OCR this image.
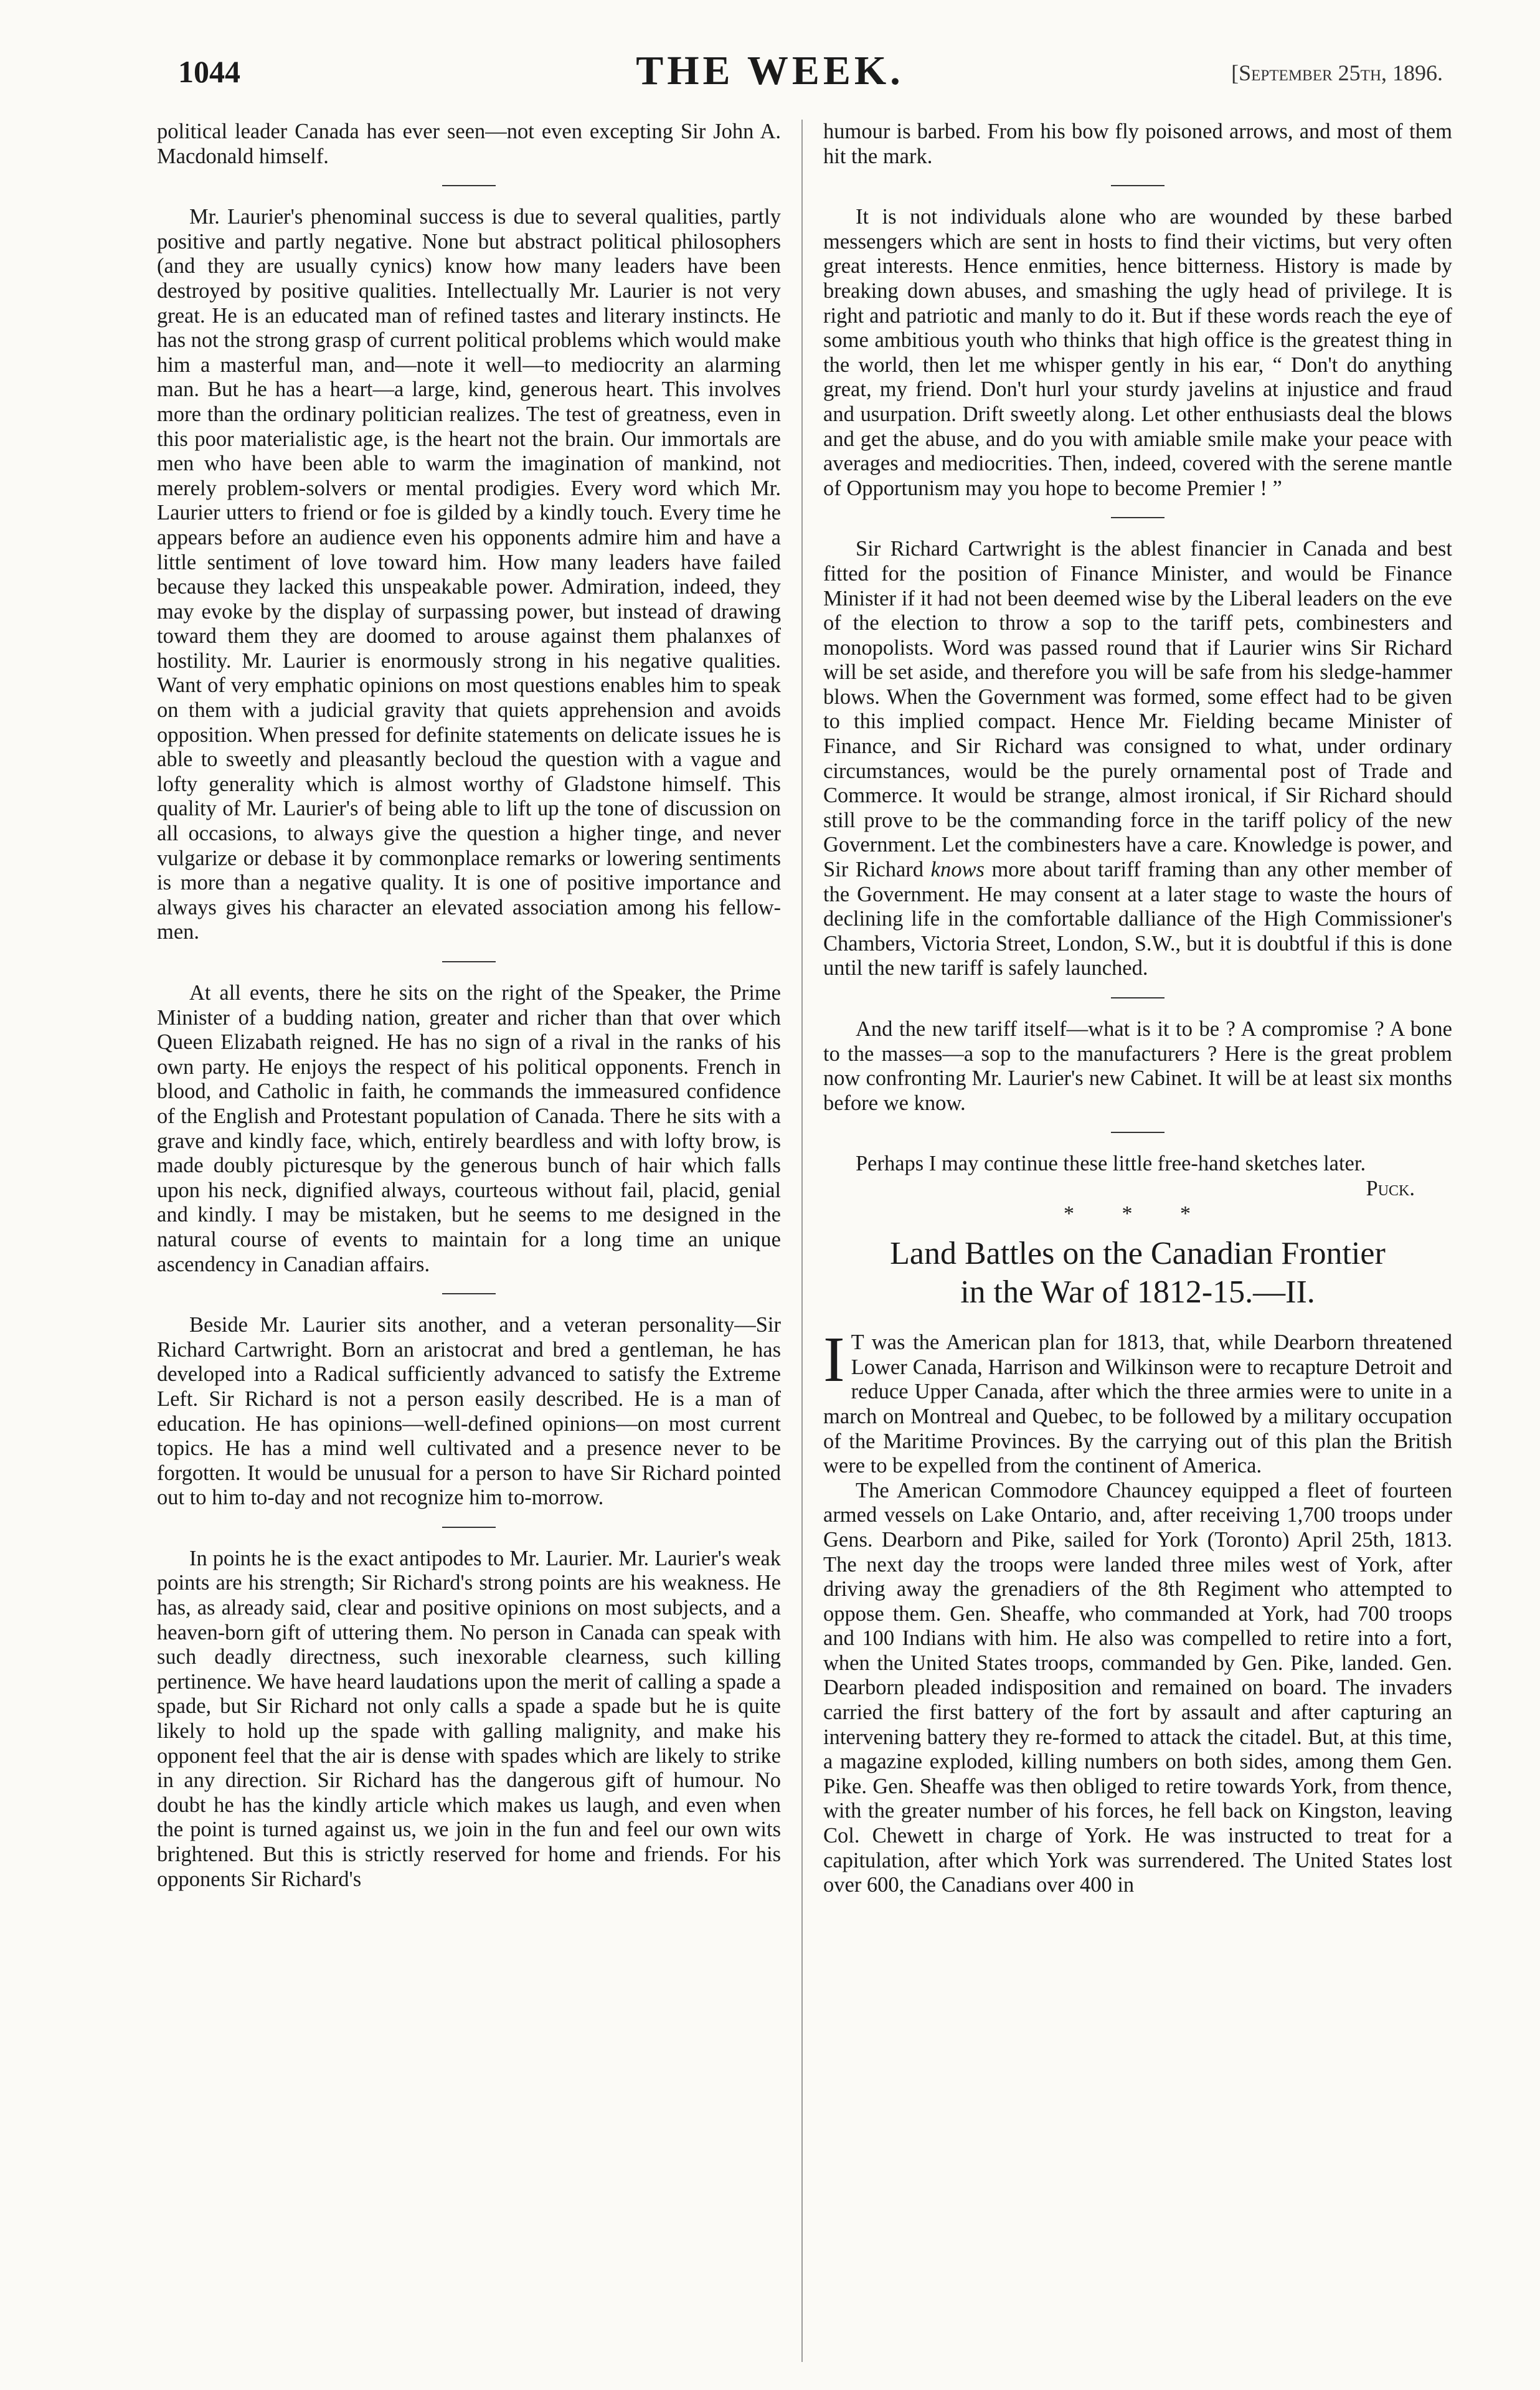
1044	THE WEEK.	[September 25th, 1896.

political leader Canada has ever seen—not even excepting Sir John A. Macdonald himself.

Mr. Laurier's phenominal success is due to several qualities, partly positive and partly negative. None but abstract political philosophers (and they are usually cynics) know how many leaders have been destroyed by positive qualities. Intellectually Mr. Laurier is not very great. He is an educated man of refined tastes and literary instincts. He has not the strong grasp of current political problems which would make him a masterful man, and—note it well—to mediocrity an alarming man. But he has a heart—a large, kind, generous heart. This involves more than the ordinary politician realizes. The test of greatness, even in this poor materialistic age, is the heart not the brain. Our immortals are men who have been able to warm the imagination of mankind, not merely problem-solvers or mental prodigies. Every word which Mr. Laurier utters to friend or foe is gilded by a kindly touch. Every time he appears before an audience even his opponents admire him and have a little sentiment of love toward him. How many leaders have failed because they lacked this unspeakable power. Admiration, indeed, they may evoke by the display of surpassing power, but instead of drawing toward them they are doomed to arouse against them phalanxes of hostility. Mr. Laurier is enormously strong in his negative qualities. Want of very emphatic opinions on most questions enables him to speak on them with a judicial gravity that quiets apprehension and avoids opposition. When pressed for definite statements on delicate issues he is able to sweetly and pleasantly becloud the question with a vague and lofty generality which is almost worthy of Gladstone himself. This quality of Mr. Laurier's of being able to lift up the tone of discussion on all occasions, to always give the question a higher tinge, and never vulgarize or debase it by commonplace remarks or lowering sentiments is more than a negative quality. It is one of positive importance and always gives his character an elevated association among his fellow-men.

At all events, there he sits on the right of the Speaker, the Prime Minister of a budding nation, greater and richer than that over which Queen Elizabath reigned. He has no sign of a rival in the ranks of his own party. He enjoys the respect of his political opponents. French in blood, and Catholic in faith, he commands the immeasured confidence of the English and Protestant population of Canada. There he sits with a grave and kindly face, which, entirely beardless and with lofty brow, is made doubly picturesque by the generous bunch of hair which falls upon his neck, dignified always, courteous without fail, placid, genial and kindly. I may be mistaken, but he seems to me designed in the natural course of events to maintain for a long time an unique ascendency in Canadian affairs.

Beside Mr. Laurier sits another, and a veteran personality—Sir Richard Cartwright. Born an aristocrat and bred a gentleman, he has developed into a Radical sufficiently advanced to satisfy the Extreme Left. Sir Richard is not a person easily described. He is a man of education. He has opinions—well-defined opinions—on most current topics. He has a mind well cultivated and a presence never to be forgotten. It would be unusual for a person to have Sir Richard pointed out to him to-day and not recognize him to-morrow.

In points he is the exact antipodes to Mr. Laurier. Mr. Laurier's weak points are his strength; Sir Richard's strong points are his weakness. He has, as already said, clear and positive opinions on most subjects, and a heaven-born gift of uttering them. No person in Canada can speak with such deadly directness, such inexorable clearness, such killing pertinence. We have heard laudations upon the merit of calling a spade a spade, but Sir Richard not only calls a spade a spade but he is quite likely to hold up the spade with galling malignity, and make his opponent feel that the air is dense with spades which are likely to strike in any direction. Sir Richard has the dangerous gift of humour. No doubt he has the kindly article which makes us laugh, and even when the point is turned against us, we join in the fun and feel our own wits brightened. But this is strictly reserved for home and friends. For his opponents Sir Richard's

humour is barbed. From his bow fly poisoned arrows, and most of them hit the mark.

It is not individuals alone who are wounded by these barbed messengers which are sent in hosts to find their victims, but very often great interests. Hence enmities, hence bitterness. History is made by breaking down abuses, and smashing the ugly head of privilege. It is right and patriotic and manly to do it. But if these words reach the eye of some ambitious youth who thinks that high office is the greatest thing in the world, then let me whisper gently in his ear, “ Don't do anything great, my friend. Don't hurl your sturdy javelins at injustice and fraud and usurpation. Drift sweetly along. Let other enthusiasts deal the blows and get the abuse, and do you with amiable smile make your peace with averages and mediocrities. Then, indeed, covered with the serene mantle of Opportunism may you hope to become Premier ! ”

Sir Richard Cartwright is the ablest financier in Canada and best fitted for the position of Finance Minister, and would be Finance Minister if it had not been deemed wise by the Liberal leaders on the eve of the election to throw a sop to the tariff pets, combinesters and monopolists. Word was passed round that if Laurier wins Sir Richard will be set aside, and therefore you will be safe from his sledge-hammer blows. When the Government was formed, some effect had to be given to this implied compact. Hence Mr. Fielding became Minister of Finance, and Sir Richard was consigned to what, under ordinary circumstances, would be the purely ornamental post of Trade and Commerce. It would be strange, almost ironical, if Sir Richard should still prove to be the commanding force in the tariff policy of the new Government. Let the combinesters have a care. Knowledge is power, and Sir Richard knows more about tariff framing than any other member of the Government. He may consent at a later stage to waste the hours of declining life in the comfortable dalliance of the High Commissioner's Chambers, Victoria Street, London, S.W., but it is doubtful if this is done until the new tariff is safely launched.

And the new tariff itself—what is it to be ? A compromise ? A bone to the masses—a sop to the manufacturers ? Here is the great problem now confronting Mr. Laurier's new Cabinet. It will be at least six months before we know.

Perhaps I may continue these little free-hand sketches later.

Puck.

* * *

Land Battles on the Canadian Frontier
in the War of 1812-15.—II.

I T was the American plan for 1813, that, while Dearborn threatened Lower Canada, Harrison and Wilkinson were to recapture Detroit and reduce Upper Canada, after which the three armies were to unite in a march on Montreal and Quebec, to be followed by a military occupation of the Maritime Provinces. By the carrying out of this plan the British were to be expelled from the continent of America.

The American Commodore Chauncey equipped a fleet of fourteen armed vessels on Lake Ontario, and, after receiving 1,700 troops under Gens. Dearborn and Pike, sailed for York (Toronto) April 25th, 1813. The next day the troops were landed three miles west of York, after driving away the grenadiers of the 8th Regiment who attempted to oppose them. Gen. Sheaffe, who commanded at York, had 700 troops and 100 Indians with him. He also was compelled to retire into a fort, when the United States troops, commanded by Gen. Pike, landed. Gen. Dearborn pleaded indisposition and remained on board. The invaders carried the first battery of the fort by assault and after capturing an intervening battery they re-formed to attack the citadel. But, at this time, a magazine exploded, killing numbers on both sides, among them Gen. Pike. Gen. Sheaffe was then obliged to retire towards York, from thence, with the greater number of his forces, he fell back on Kingston, leaving Col. Chewett in charge of York. He was instructed to treat for a capitulation, after which York was surrendered. The United States lost over 600, the Canadians over 400 in
